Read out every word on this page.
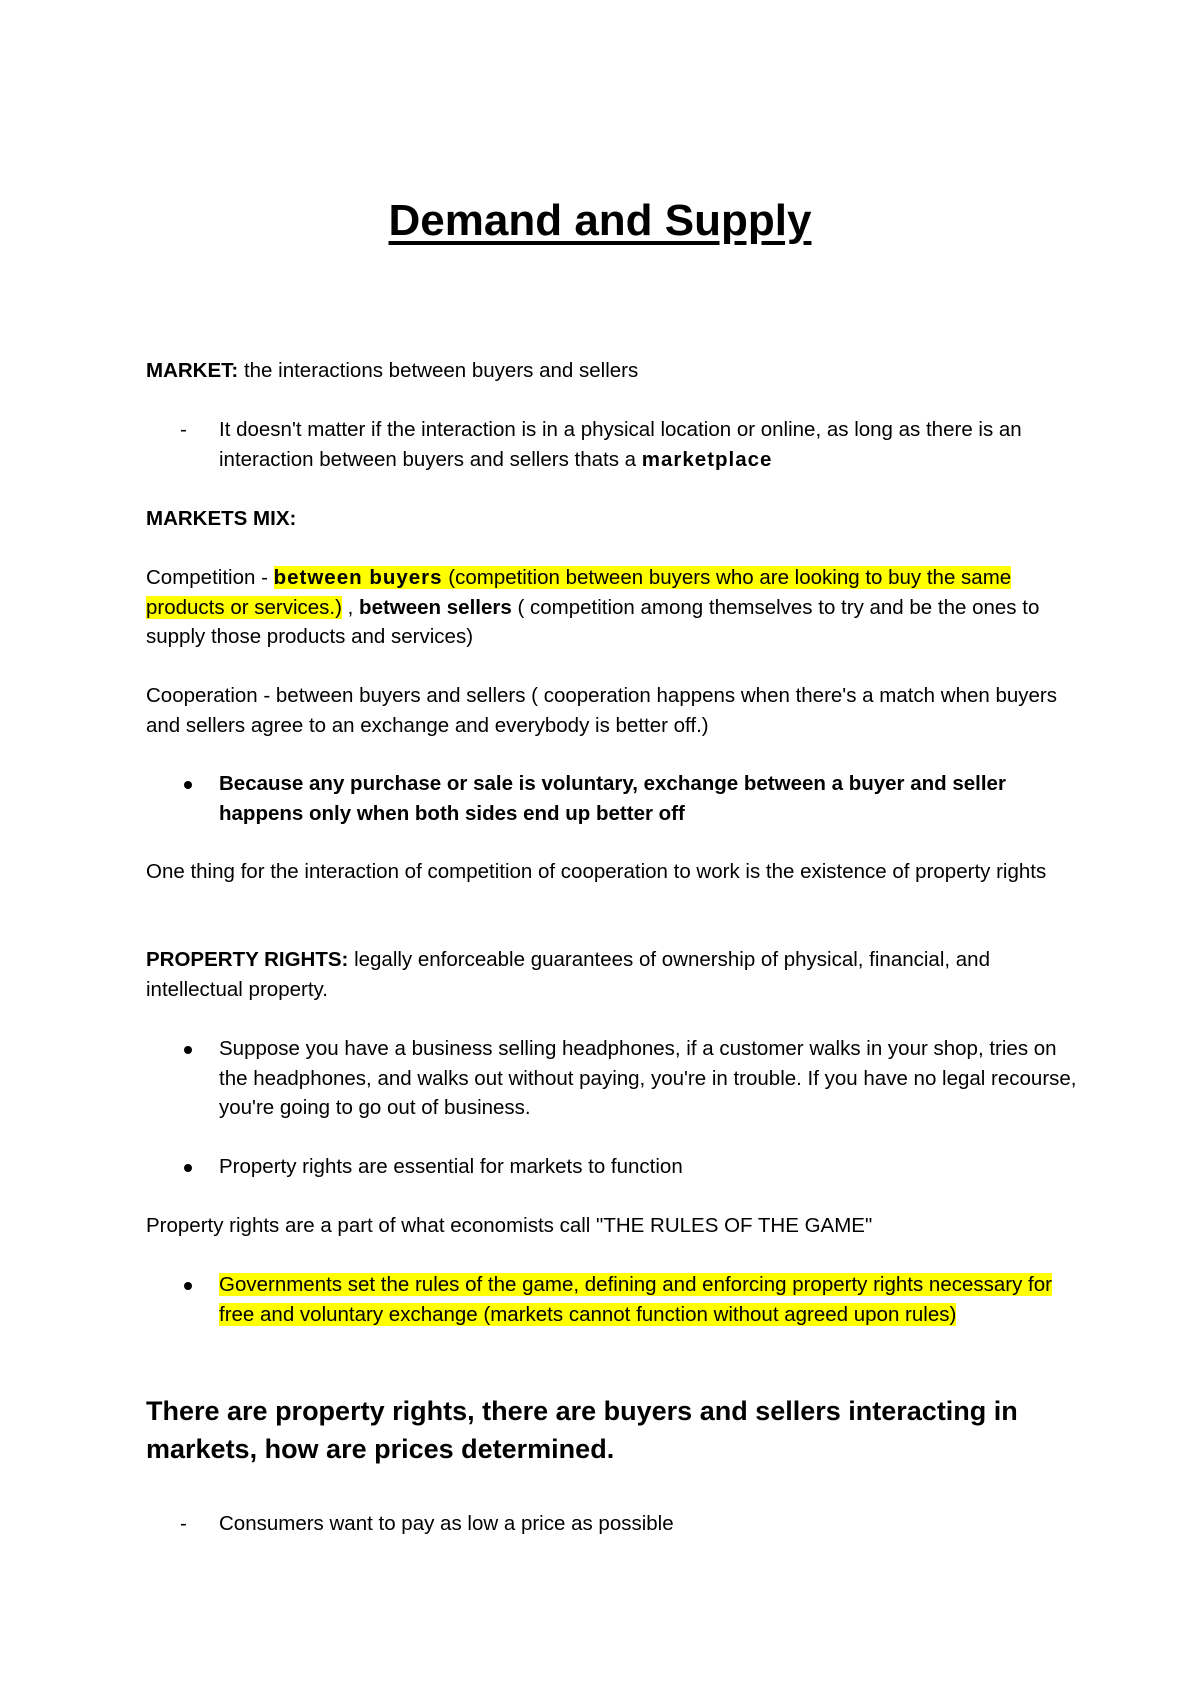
Demand and Supply

MARKET: the interactions between buyers and sellers

- It doesn't matter if the interaction is in a physical location or online, as long as there is an interaction between buyers and sellers thats a marketplace

MARKETS MIX:

Competition - between buyers (competition between buyers who are looking to buy the same products or services.) , between sellers ( competition among themselves to try and be the ones to supply those products and services)

Cooperation - between buyers and sellers ( cooperation happens when there's a match when buyers and sellers agree to an exchange and everybody is better off.)

Because any purchase or sale is voluntary, exchange between a buyer and seller happens only when both sides end up better off

One thing for the interaction of competition of cooperation to work is the existence of property rights

PROPERTY RIGHTS: legally enforceable guarantees of ownership of physical, financial, and intellectual property.

Suppose you have a business selling headphones, if a customer walks in your shop, tries on the headphones, and walks out without paying, you're in trouble. If you have no legal recourse, you're going to go out of business.

Property rights are essential for markets to function

Property rights are a part of what economists call "THE RULES OF THE GAME"

Governments set the rules of the game, defining and enforcing property rights necessary for free and voluntary exchange (markets cannot function without agreed upon rules)

There are property rights, there are buyers and sellers interacting in markets, how are prices determined.

- Consumers want to pay as low a price as possible
